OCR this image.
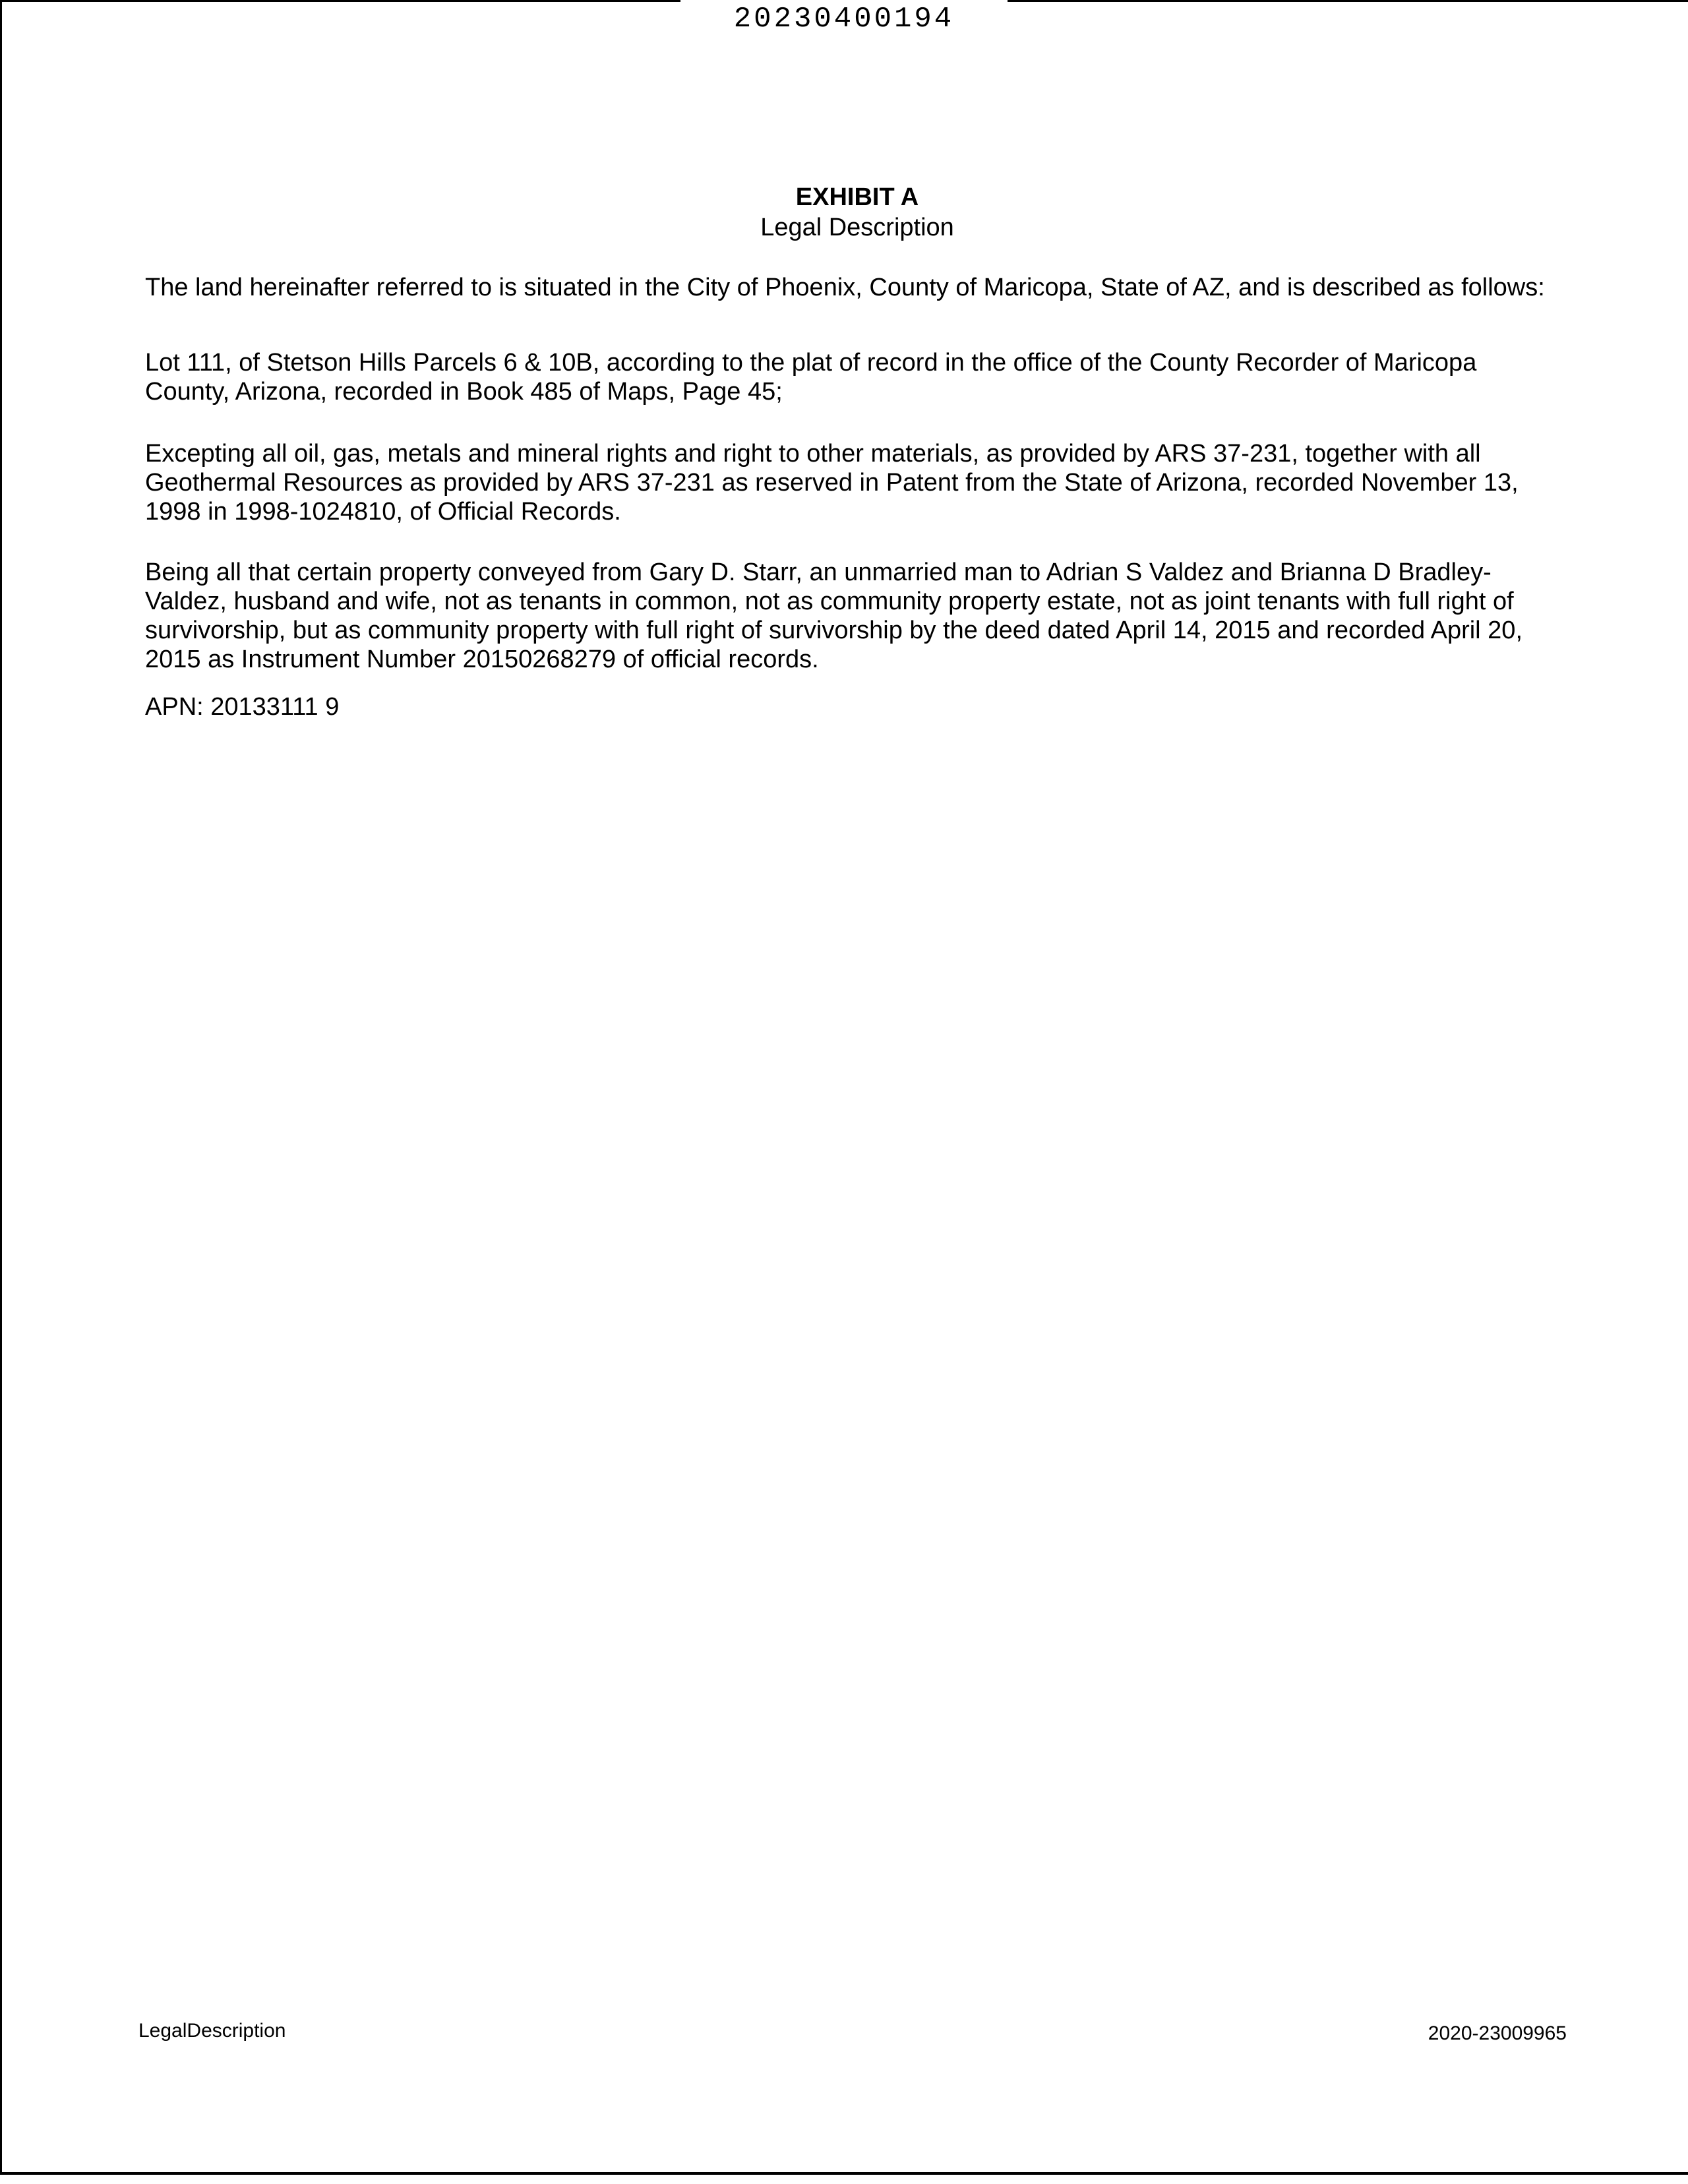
20230400194
EXHIBIT A
Legal Description
The land hereinafter referred to is situated in the City of Phoenix, County of Maricopa, State of AZ, and is described as follows:
Lot 111, of Stetson Hills Parcels 6 & 10B, according to the plat of record in the office of the County Recorder of Maricopa County, Arizona, recorded in Book 485 of Maps, Page 45;
Excepting all oil, gas, metals and mineral rights and right to other materials, as provided by ARS 37-231, together with all Geothermal Resources as provided by ARS 37-231 as reserved in Patent from the State of Arizona, recorded November 13, 1998 in 1998-1024810, of Official Records.
Being all that certain property conveyed from Gary D. Starr, an unmarried man to Adrian S Valdez and Brianna D Bradley-Valdez, husband and wife, not as tenants in common, not as community property estate, not as joint tenants with full right of survivorship, but as community property with full right of survivorship by the deed dated April 14, 2015 and recorded April 20, 2015 as Instrument Number 20150268279 of official records.
APN: 20133111 9
LegalDescription	2020-23009965
